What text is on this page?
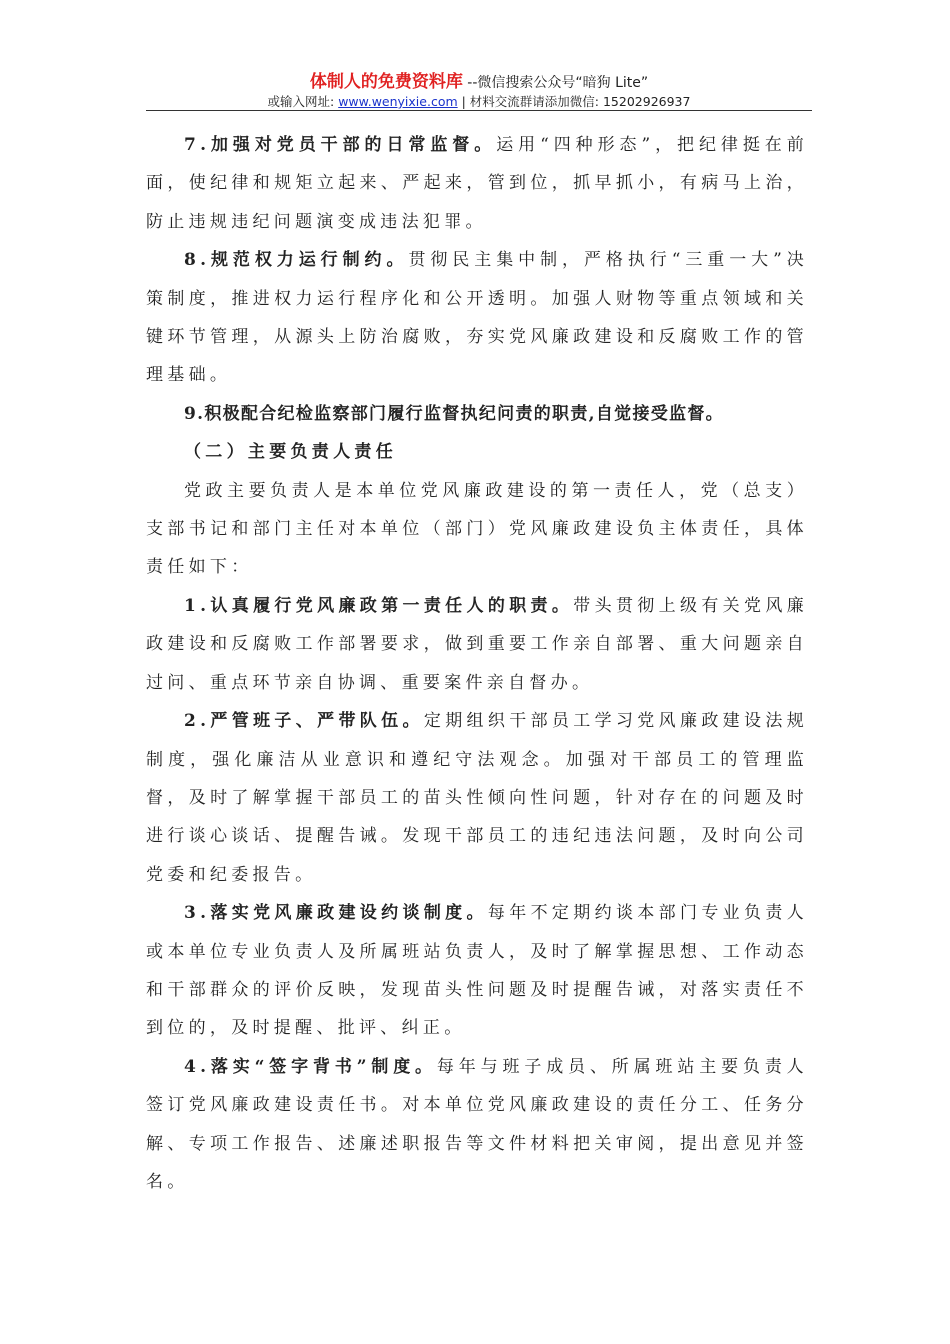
体制人的免费资料库 --微信搜索公众号“暗狗 Lite”
或输入网址: www.wenyixie.com | 材料交流群请添加微信: 15202926937

7.加强对党员干部的日常监督。运用“四种形态”，把纪律挺在前面，使纪律和规矩立起来、严起来，管到位，抓早抓小，有病马上治，防止违规违纪问题演变成违法犯罪。

8.规范权力运行制约。贯彻民主集中制，严格执行“三重一大”决策制度，推进权力运行程序化和公开透明。加强人财物等重点领域和关键环节管理，从源头上防治腐败，夯实党风廉政建设和反腐败工作的管理基础。

9.积极配合纪检监察部门履行监督执纪问责的职责,自觉接受监督。

（二）主要负责人责任

党政主要负责人是本单位党风廉政建设的第一责任人，党（总支）支部书记和部门主任对本单位（部门）党风廉政建设负主体责任，具体责任如下：

1.认真履行党风廉政第一责任人的职责。带头贯彻上级有关党风廉政建设和反腐败工作部署要求，做到重要工作亲自部署、重大问题亲自过问、重点环节亲自协调、重要案件亲自督办。

2.严管班子、严带队伍。定期组织干部员工学习党风廉政建设法规制度，强化廉洁从业意识和遵纪守法观念。加强对干部员工的管理监督，及时了解掌握干部员工的苗头性倾向性问题，针对存在的问题及时进行谈心谈话、提醒告诫。发现干部员工的违纪违法问题，及时向公司党委和纪委报告。

3.落实党风廉政建设约谈制度。每年不定期约谈本部门专业负责人或本单位专业负责人及所属班站负责人，及时了解掌握思想、工作动态和干部群众的评价反映，发现苗头性问题及时提醒告诫，对落实责任不到位的，及时提醒、批评、纠正。

4.落实“签字背书”制度。每年与班子成员、所属班站主要负责人签订党风廉政建设责任书。对本单位党风廉政建设的责任分工、任务分解、专项工作报告、述廉述职报告等文件材料把关审阅，提出意见并签名。
